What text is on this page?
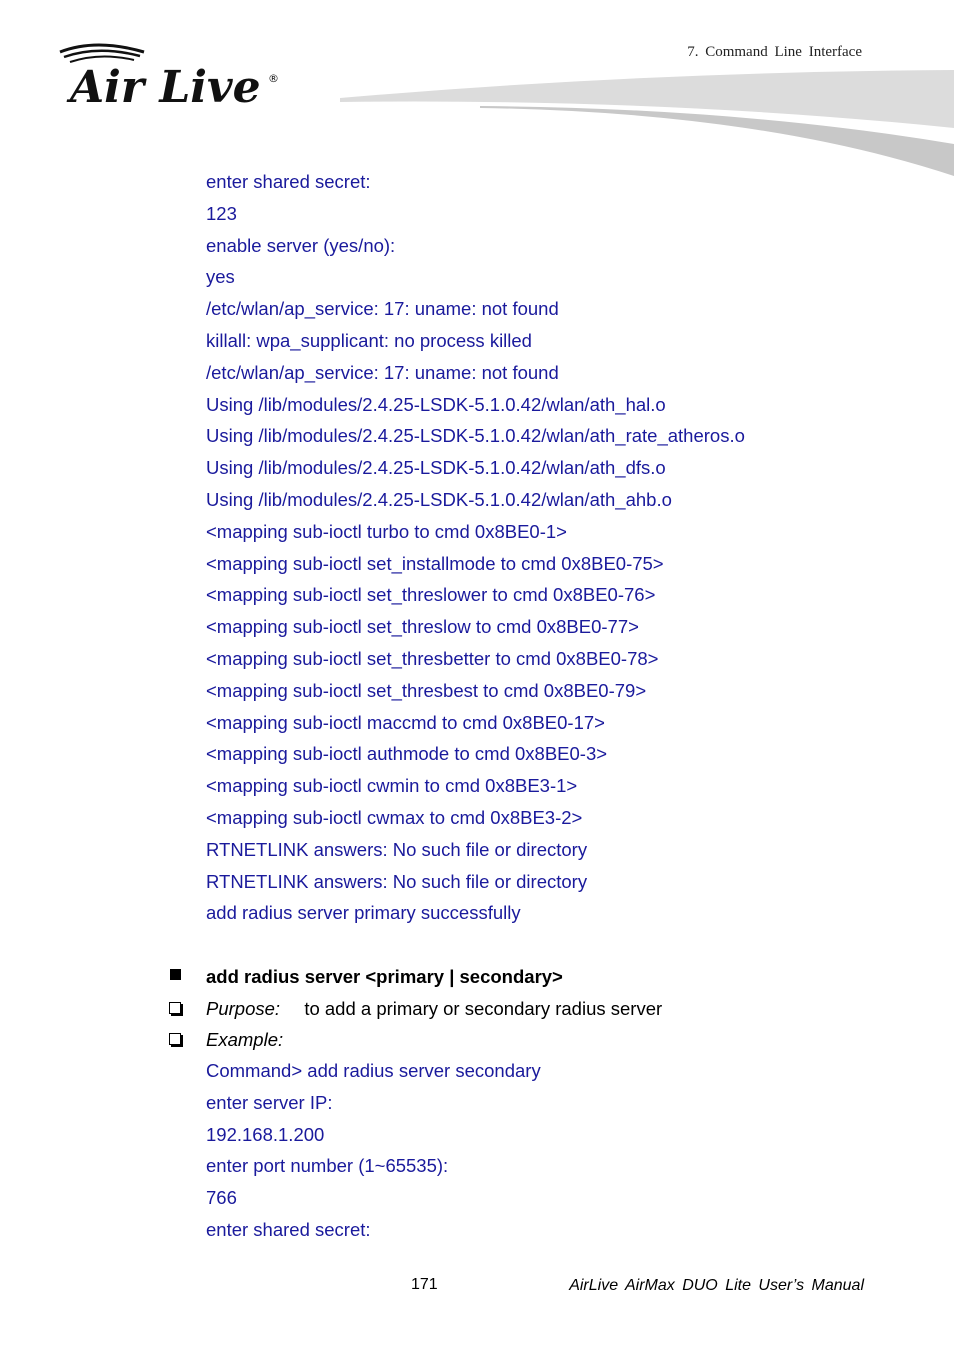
Air Live ®
7. Command Line Interface
enter shared secret:
123
enable server (yes/no):
yes
/etc/wlan/ap_service: 17: uname: not found
killall: wpa_supplicant: no process killed
/etc/wlan/ap_service: 17: uname: not found
Using /lib/modules/2.4.25-LSDK-5.1.0.42/wlan/ath_hal.o
Using /lib/modules/2.4.25-LSDK-5.1.0.42/wlan/ath_rate_atheros.o
Using /lib/modules/2.4.25-LSDK-5.1.0.42/wlan/ath_dfs.o
Using /lib/modules/2.4.25-LSDK-5.1.0.42/wlan/ath_ahb.o
<mapping sub-ioctl turbo to cmd 0x8BE0-1>
<mapping sub-ioctl set_installmode to cmd 0x8BE0-75>
<mapping sub-ioctl set_threslower to cmd 0x8BE0-76>
<mapping sub-ioctl set_threslow to cmd 0x8BE0-77>
<mapping sub-ioctl set_thresbetter to cmd 0x8BE0-78>
<mapping sub-ioctl set_thresbest to cmd 0x8BE0-79>
<mapping sub-ioctl maccmd to cmd 0x8BE0-17>
<mapping sub-ioctl authmode to cmd 0x8BE0-3>
<mapping sub-ioctl cwmin to cmd 0x8BE3-1>
<mapping sub-ioctl cwmax to cmd 0x8BE3-2>
RTNETLINK answers: No such file or directory
RTNETLINK answers: No such file or directory
add radius server primary successfully
add radius server <primary | secondary>
Purpose: to add a primary or secondary radius server
Example:
Command> add radius server secondary
enter server IP:
192.168.1.200
enter port number (1~65535):
766
enter shared secret:
171	AirLive AirMax DUO Lite User’s Manual
